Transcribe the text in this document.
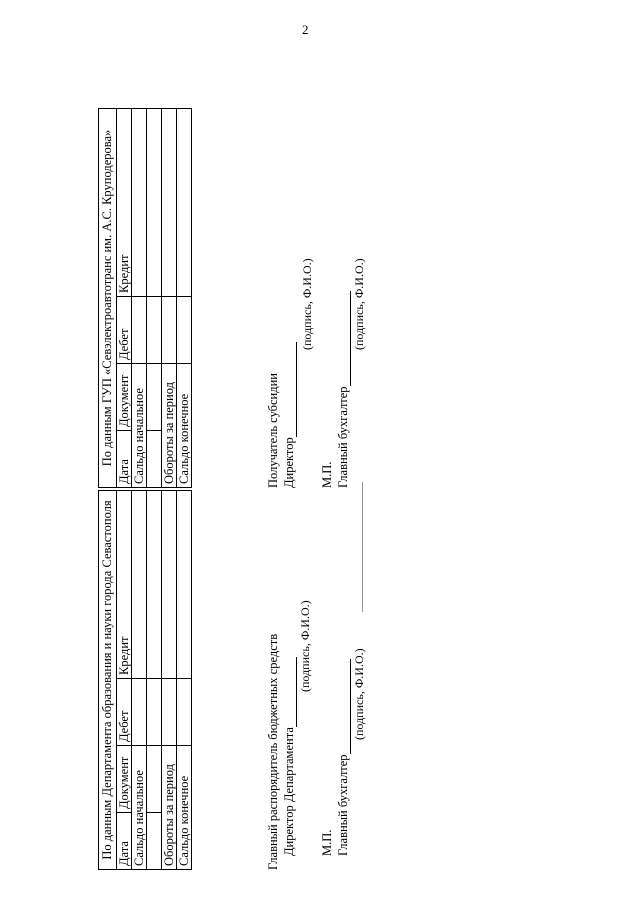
2
По данным Департамента образования и науки города Севастополя			
Дата	Документ	Дебет	Кредит
Сальдо начальное			

Обороты за период			
Сальдо конечное			
По данным ГУП «Севэлектроавтотранс им. А.С. Круподерова»			
Дата	Документ	Дебет	Кредит
Сальдо начальное			

Обороты за период			
Сальдо конечное			
Главный распорядитель бюджетных средств Директор Департамента
(подпись, Ф.И.О.)
М.П. Главный бухгалтер
(подпись, Ф.И.О.)
Получатель субсидии Директор
(подпись, Ф.И.О.)
М.П. Главный бухгалтер
(подпись, Ф.И.О.)
